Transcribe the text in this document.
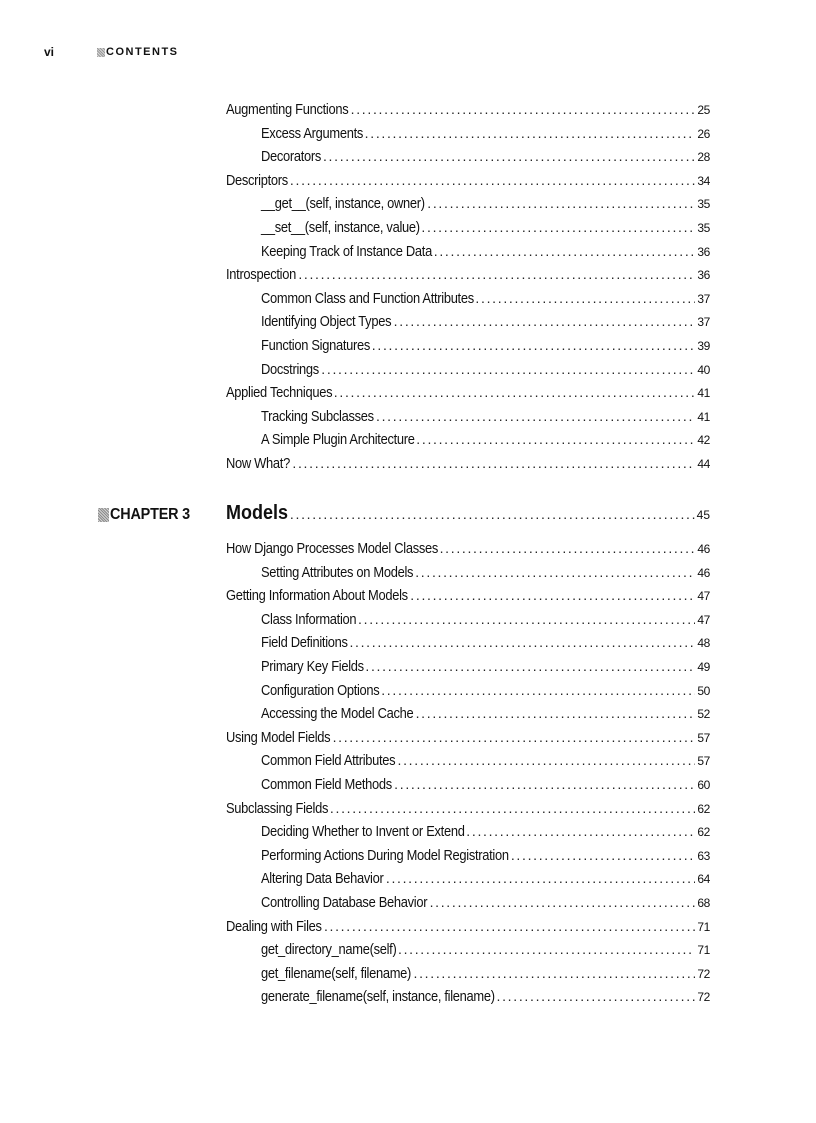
vi	CONTENTS
Augmenting Functions . . .	25
Excess Arguments . . .	26
Decorators . . .	28
Descriptors . . .	34
__get__(self, instance, owner) . . .	35
__set__(self, instance, value) . . .	35
Keeping Track of Instance Data . . .	36
Introspection . . .	36
Common Class and Function Attributes . . .	37
Identifying Object Types . . .	37
Function Signatures . . .	39
Docstrings . . .	40
Applied Techniques . . .	41
Tracking Subclasses . . .	41
A Simple Plugin Architecture . . .	42
Now What? . . .	44
CHAPTER 3 Models . . .	45
How Django Processes Model Classes . . .	46
Setting Attributes on Models . . .	46
Getting Information About Models . . .	47
Class Information . . .	47
Field Definitions . . .	48
Primary Key Fields . . .	49
Configuration Options . . .	50
Accessing the Model Cache . . .	52
Using Model Fields . . .	57
Common Field Attributes . . .	57
Common Field Methods . . .	60
Subclassing Fields . . .	62
Deciding Whether to Invent or Extend . . .	62
Performing Actions During Model Registration . . .	63
Altering Data Behavior . . .	64
Controlling Database Behavior . . .	68
Dealing with Files . . .	71
get_directory_name(self) . . .	71
get_filename(self, filename) . . .	72
generate_filename(self, instance, filename) . . .	72
